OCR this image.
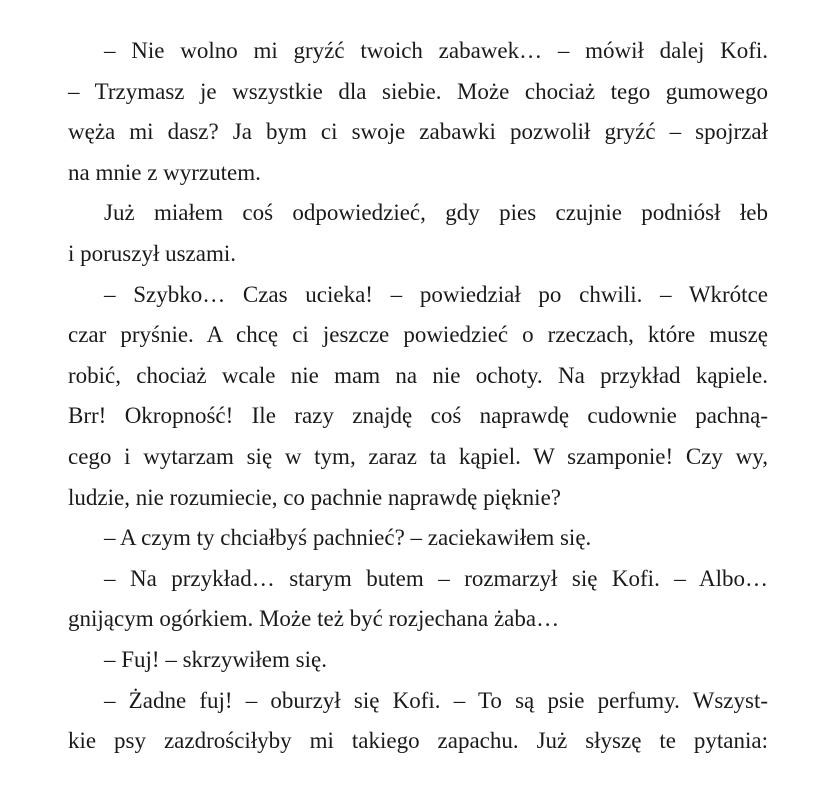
– Nie wolno mi gryźć twoich zabawek… – mówił dalej Kofi.
– Trzymasz je wszystkie dla siebie. Może chociaż tego gumowego
węża mi dasz? Ja bym ci swoje zabawki pozwolił gryźć – spojrzał
na mnie z wyrzutem.
Już miałem coś odpowiedzieć, gdy pies czujnie podniósł łeb
i poruszył uszami.
– Szybko… Czas ucieka! – powiedział po chwili. – Wkrótce
czar pryśnie. A chcę ci jeszcze powiedzieć o rzeczach, które muszę
robić, chociaż wcale nie mam na nie ochoty. Na przykład kąpiele.
Brr! Okropność! Ile razy znajdę coś naprawdę cudownie pachną-
cego i wytarzam się w tym, zaraz ta kąpiel. W szamponie! Czy wy,
ludzie, nie rozumiecie, co pachnie naprawdę pięknie?
– A czym ty chciałbyś pachnieć? – zaciekawiłem się.
– Na przykład… starym butem – rozmarzył się Kofi. – Albo…
gnijącym ogórkiem. Może też być rozjechana żaba…
– Fuj! – skrzywiłem się.
– Żadne fuj! – oburzył się Kofi. – To są psie perfumy. Wszyst-
kie psy zazdrościłyby mi takiego zapachu. Już słyszę te pytania:
